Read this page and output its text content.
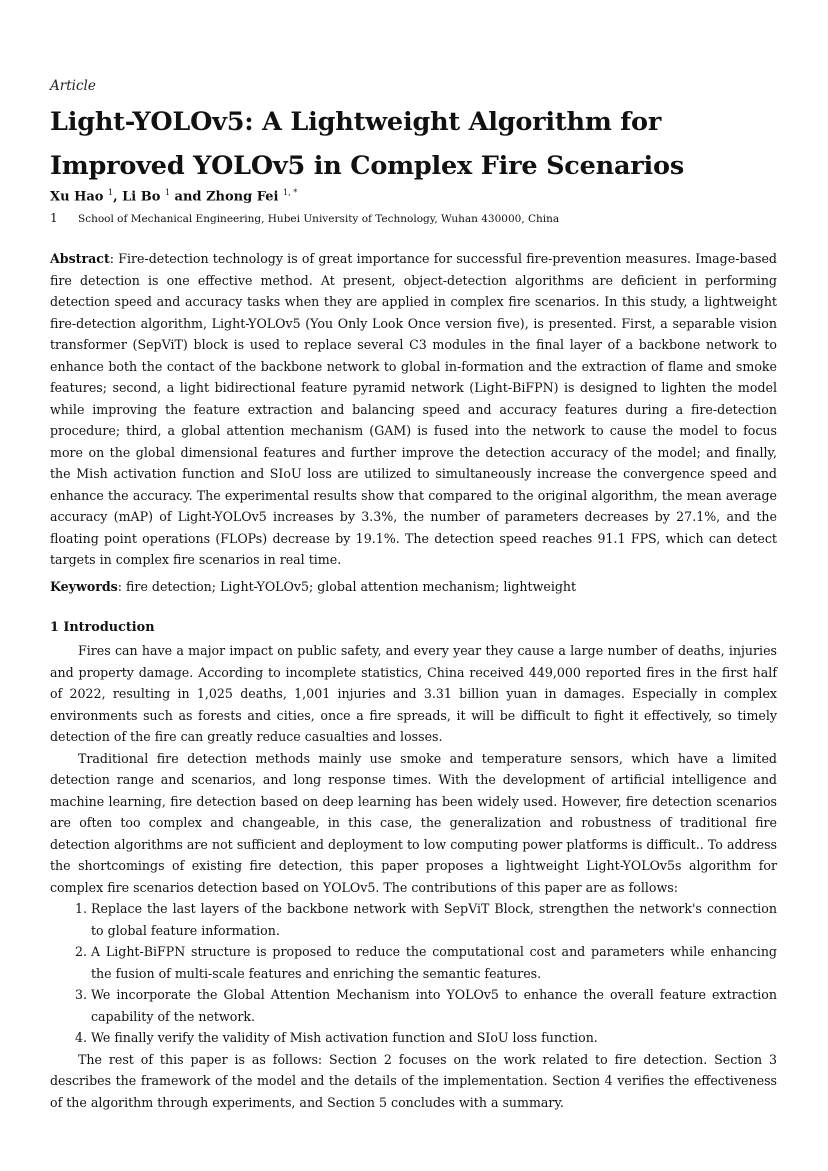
Article
Light-YOLOv5: A Lightweight Algorithm for Improved YOLOv5 in Complex Fire Scenarios
Xu Hao $^1$, Li Bo $^1$ and Zhong Fei $^{1, *}$
1 School of Mechanical Engineering, Hubei University of Technology, Wuhan 430000, China
Abstract: Fire-detection technology is of great importance for successful fire-prevention measures. Image-based fire detection is one effective method. At present, object-detection algorithms are deficient in performing detection speed and accuracy tasks when they are applied in complex fire scenarios. In this study, a lightweight fire-detection algorithm, Light-YOLOv5 (You Only Look Once version five), is presented. First, a separable vision transformer (SepViT) block is used to replace several C3 modules in the final layer of a backbone network to enhance both the contact of the backbone network to global in-formation and the extraction of flame and smoke features; second, a light bidirectional feature pyramid network (Light-BiFPN) is designed to lighten the model while improving the feature extraction and balancing speed and accuracy features during a fire-detection procedure; third, a global attention mechanism (GAM) is fused into the network to cause the model to focus more on the global dimensional features and further improve the detection accuracy of the model; and finally, the Mish activation function and SIoU loss are utilized to simultaneously increase the convergence speed and enhance the accuracy. The experimental results show that compared to the original algorithm, the mean average accuracy (mAP) of Light-YOLOv5 increases by 3.3%, the number of parameters decreases by 27.1%, and the floating point operations (FLOPs) decrease by 19.1%. The detection speed reaches 91.1 FPS, which can detect targets in complex fire scenarios in real time.
Keywords: fire detection; Light-YOLOv5; global attention mechanism; lightweight
1 Introduction

Fires can have a major impact on public safety, and every year they cause a large number of deaths, injuries and property damage. According to incomplete statistics, China received 449,000 reported fires in the first half of 2022, resulting in 1,025 deaths, 1,001 injuries and 3.31 billion yuan in damages. Especially in complex environments such as forests and cities, once a fire spreads, it will be difficult to fight it effectively, so timely detection of the fire can greatly reduce casualties and losses.

Traditional fire detection methods mainly use smoke and temperature sensors, which have a limited detection range and scenarios, and long response times. With the development of artificial intelligence and machine learning, fire detection based on deep learning has been widely used. However, fire detection scenarios are often too complex and changeable, in this case, the generalization and robustness of traditional fire detection algorithms are not sufficient and deployment to low computing power platforms is difficult.. To address the shortcomings of existing fire detection, this paper proposes a lightweight Light-YOLOv5s algorithm for complex fire scenarios detection based on YOLOv5. The contributions of this paper are as follows:

1. Replace the last layers of the backbone network with SepViT Block, strengthen the network's connection to global feature information.
2. A Light-BiFPN structure is proposed to reduce the computational cost and parameters while enhancing the fusion of multi-scale features and enriching the semantic features.
3. We incorporate the Global Attention Mechanism into YOLOv5 to enhance the overall feature extraction capability of the network.
4. We finally verify the validity of Mish activation function and SIoU loss function.

The rest of this paper is as follows: Section 2 focuses on the work related to fire detection. Section 3 describes the framework of the model and the details of the implementation. Section 4 verifies the effectiveness of the algorithm through experiments, and Section 5 concludes with a summary.
